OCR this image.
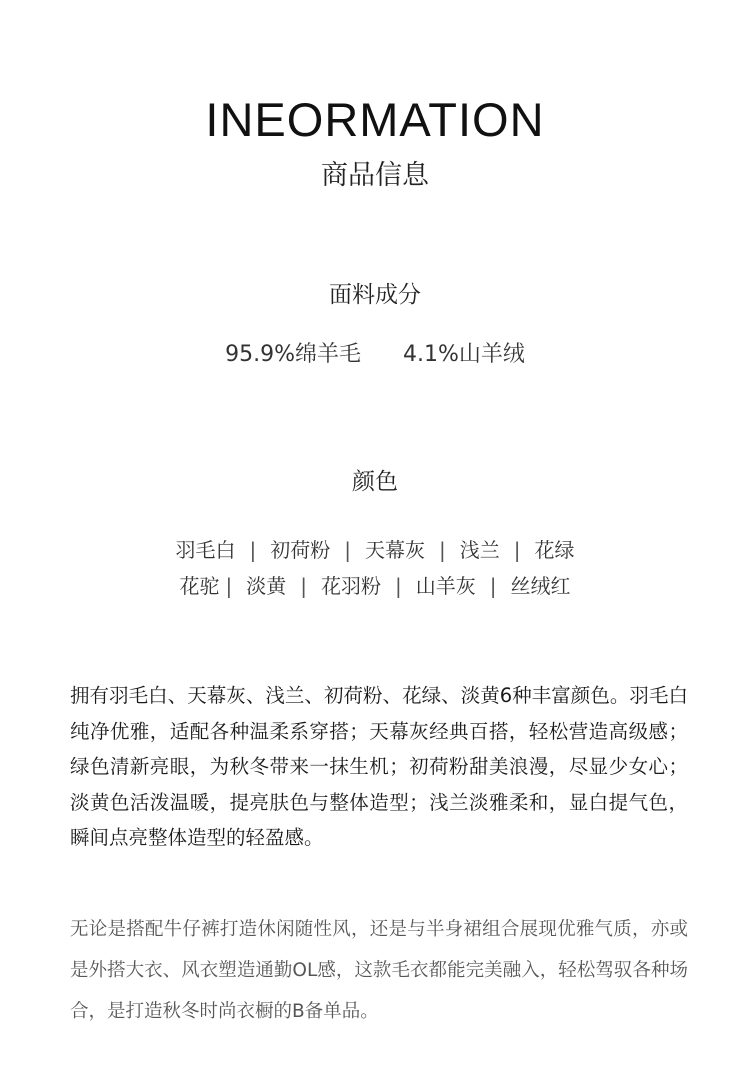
INEORMATION
商品信息
面料成分
95.9%绵羊毛 4.1%山羊绒
颜色
羽毛白 | 初荷粉 | 天幕灰 | 浅兰 | 花绿
花驼 | 淡黄 | 花羽粉 | 山羊灰 | 丝绒红
拥有羽毛白、天幕灰、浅兰、初荷粉、花绿、淡黄6种丰富颜色。羽毛白纯净优雅，适配各种温柔系穿搭；天幕灰经典百搭，轻松营造高级感；绿色清新亮眼，为秋冬带来一抹生机；初荷粉甜美浪漫，尽显少女心；淡黄色活泼温暖，提亮肤色与整体造型；浅兰淡雅柔和，显白提气色，瞬间点亮整体造型的轻盈感。
无论是搭配牛仔裤打造休闲随性风，还是与半身裙组合展现优雅气质，亦或是外搭大衣、风衣塑造通勤OL感，这款毛衣都能完美融入，轻松驾驭各种场合，是打造秋冬时尚衣橱的B备单品。
